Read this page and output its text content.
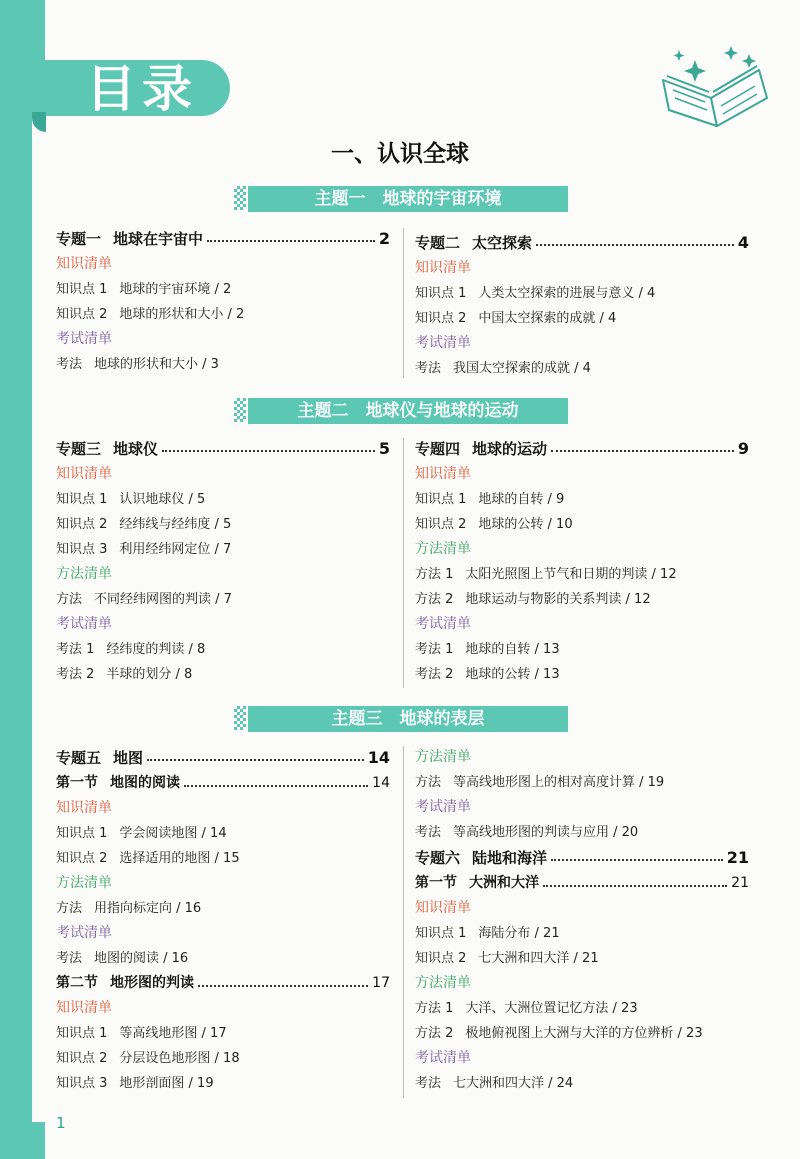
目录
一、认识全球
主题一　地球的宇宙环境
专题一 地球在宇宙中	2
知识清单
知识点 1 地球的宇宙环境 / 2
知识点 2 地球的形状和大小 / 2
考试清单
考法 地球的形状和大小 / 3
专题二 太空探索	4
知识清单
知识点 1 人类太空探索的进展与意义 / 4
知识点 2 中国太空探索的成就 / 4
考试清单
考法 我国太空探索的成就 / 4
主题二　地球仪与地球的运动
专题三 地球仪	5
知识清单
知识点 1 认识地球仪 / 5
知识点 2 经纬线与经纬度 / 5
知识点 3 利用经纬网定位 / 7
方法清单
方法 不同经纬网图的判读 / 7
考试清单
考法 1 经纬度的判读 / 8
考法 2 半球的划分 / 8
专题四 地球的运动	9
知识清单
知识点 1 地球的自转 / 9
知识点 2 地球的公转 / 10
方法清单
方法 1 太阳光照图上节气和日期的判读 / 12
方法 2 地球运动与物影的关系判读 / 12
考试清单
考法 1 地球的自转 / 13
考法 2 地球的公转 / 13
主题三　地球的表层
专题五 地图	14
第一节 地图的阅读	14
知识清单
知识点 1 学会阅读地图 / 14
知识点 2 选择适用的地图 / 15
方法清单
方法 用指向标定向 / 16
考试清单
考法 地图的阅读 / 16
第二节 地形图的判读	17
知识清单
知识点 1 等高线地形图 / 17
知识点 2 分层设色地形图 / 18
知识点 3 地形剖面图 / 19
方法清单
方法 等高线地形图上的相对高度计算 / 19
考试清单
考法 等高线地形图的判读与应用 / 20
专题六 陆地和海洋	21
第一节 大洲和大洋	21
知识清单
知识点 1 海陆分布 / 21
知识点 2 七大洲和四大洋 / 21
方法清单
方法 1 大洋、大洲位置记忆方法 / 23
方法 2 极地俯视图上大洲与大洋的方位辨析 / 23
考试清单
考法 七大洲和四大洋 / 24
1
